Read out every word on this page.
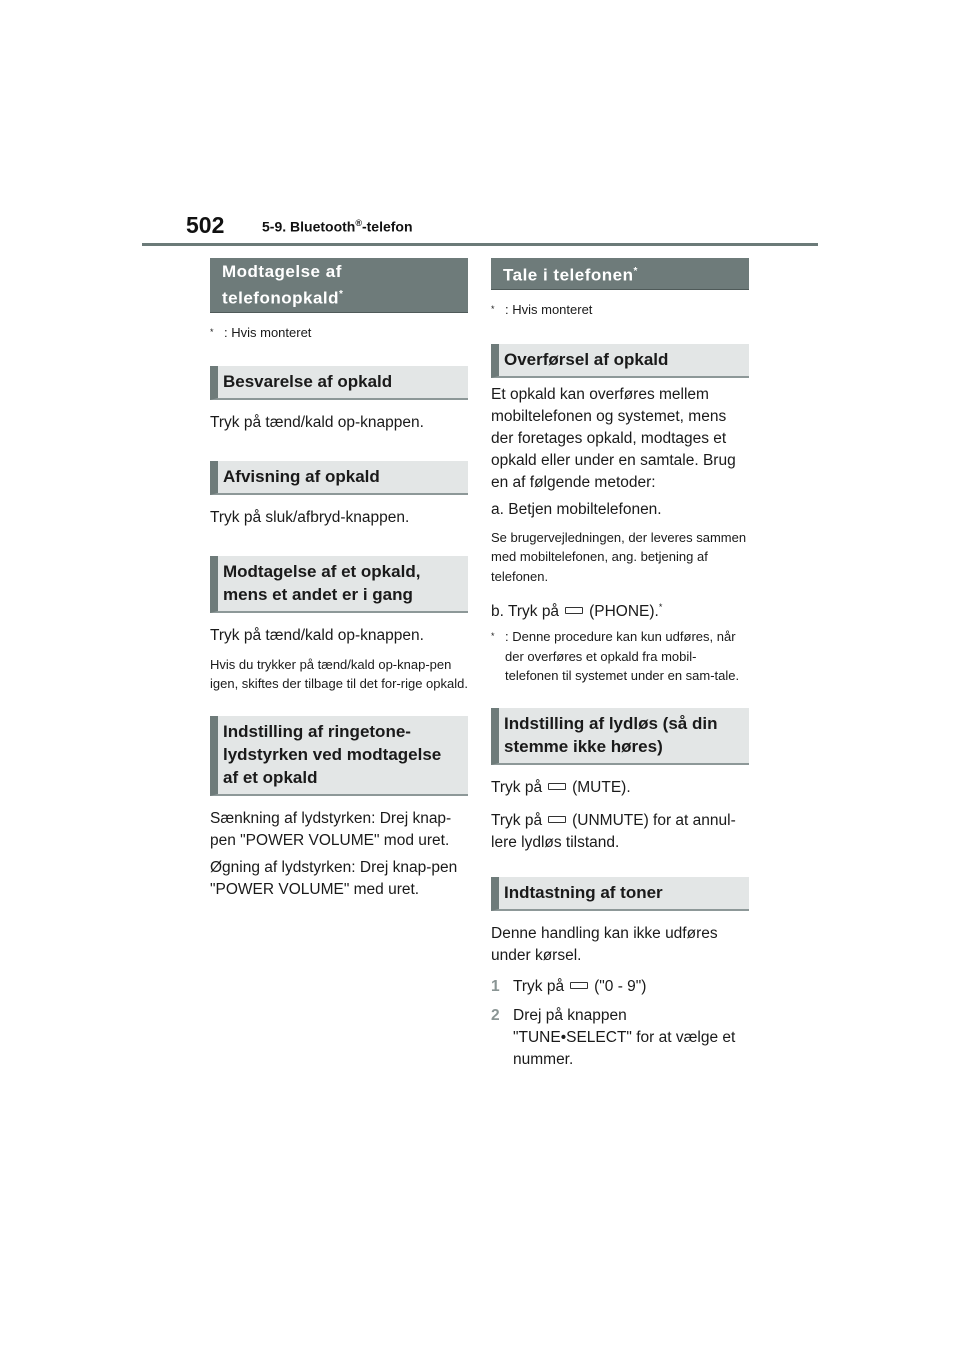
502	5-9. Bluetooth®-telefon
Modtagelse af telefonopkald*
* : Hvis monteret
Besvarelse af opkald

Tryk på tænd/kald op-knappen.

Afvisning af opkald

Tryk på sluk/afbryd-knappen.

Modtagelse af et opkald, mens et andet er i gang

Tryk på tænd/kald op-knappen.

Hvis du trykker på tænd/kald op-knap-pen igen, skiftes der tilbage til det for-rige opkald.

Indstilling af ringetone-lydstyrken ved modtagelse af et opkald

Sænkning af lydstyrken: Drej knap-pen "POWER VOLUME" mod uret.

Øgning af lydstyrken: Drej knap-pen "POWER VOLUME" med uret.

Tale i telefonen*
* : Hvis monteret
Overførsel af opkald

Et opkald kan overføres mellem mobiltelefonen og systemet, mens der foretages opkald, modtages et opkald eller under en samtale. Brug en af følgende metoder:

a. Betjen mobiltelefonen.

Se brugervejledningen, der leveres sammen med mobiltelefonen, ang. betjening af telefonen.

b. Tryk på (PHONE).*

* : Denne procedure kan kun udføres, når der overføres et opkald fra mobil-telefonen til systemet under en sam-tale.
Indstilling af lydløs (så din stemme ikke høres)

Tryk på (MUTE).

Tryk på (UNMUTE) for at annul-lere lydløs tilstand.

Indtastning af toner

Denne handling kan ikke udføres under kørsel.

1 Tryk på ("0 - 9")
2 Drej på knappen "TUNE•SELECT" for at vælge et nummer.
